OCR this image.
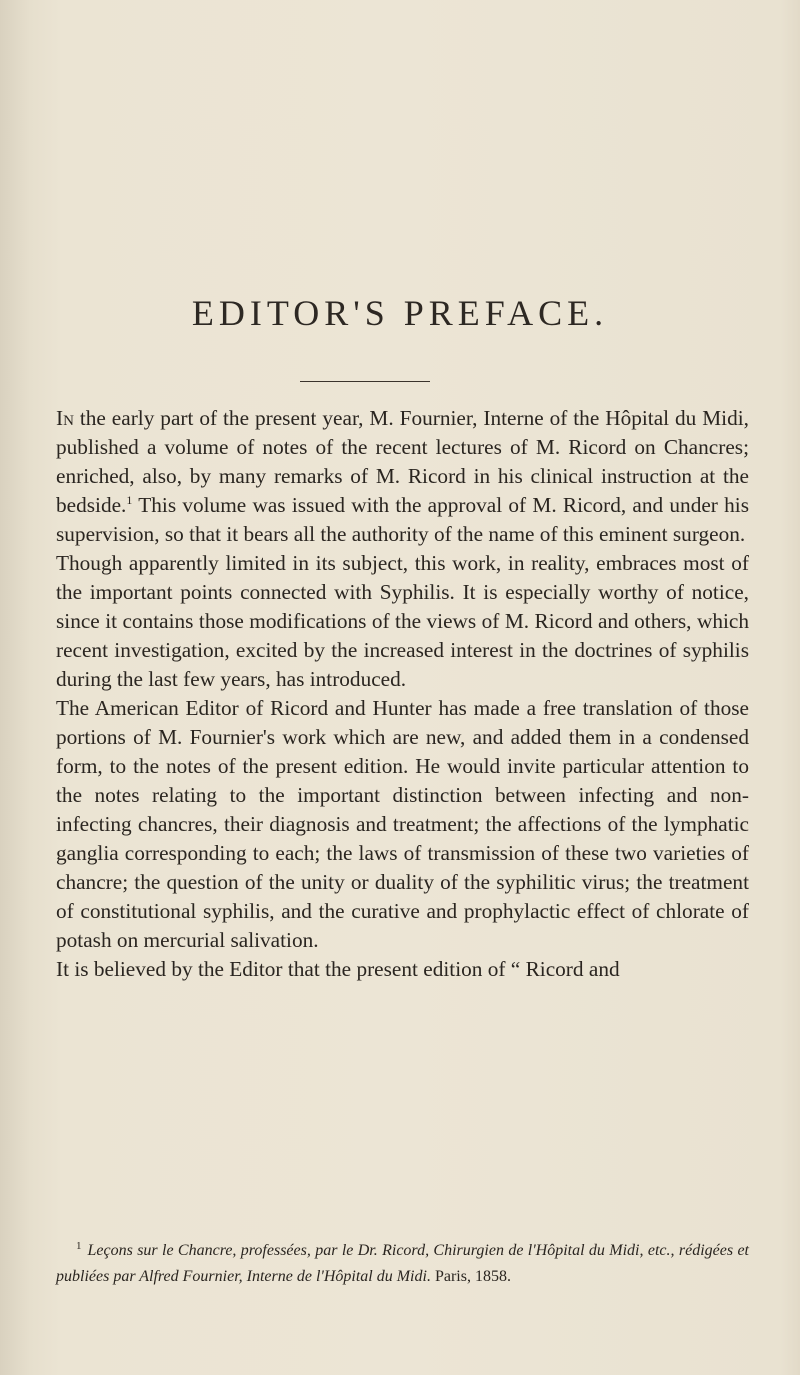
EDITOR'S PREFACE.

In the early part of the present year, M. Fournier, Interne of the Hôpital du Midi, published a volume of notes of the recent lectures of M. Ricord on Chancres; enriched, also, by many remarks of M. Ricord in his clinical instruction at the bedside.$^1$ This volume was issued with the approval of M. Ricord, and under his supervision, so that it bears all the authority of the name of this eminent surgeon.

Though apparently limited in its subject, this work, in reality, embraces most of the important points connected with Syphilis. It is especially worthy of notice, since it contains those modifications of the views of M. Ricord and others, which recent investigation, excited by the increased interest in the doctrines of syphilis during the last few years, has introduced.

The American Editor of Ricord and Hunter has made a free translation of those portions of M. Fournier's work which are new, and added them in a condensed form, to the notes of the present edition. He would invite particular attention to the notes relating to the important distinction between infecting and non-infecting chancres, their diagnosis and treatment; the affections of the lymphatic ganglia corresponding to each; the laws of transmission of these two varieties of chancre; the question of the unity or duality of the syphilitic virus; the treatment of constitutional syphilis, and the curative and prophylactic effect of chlorate of potash on mercurial salivation.

It is believed by the Editor that the present edition of “ Ricord and

$^1$ Leçons sur le Chancre, professées, par le Dr. Ricord, Chirurgien de l'Hôpital du Midi, etc., rédigées et publiées par Alfred Fournier, Interne de l'Hôpital du Midi. Paris, 1858.
